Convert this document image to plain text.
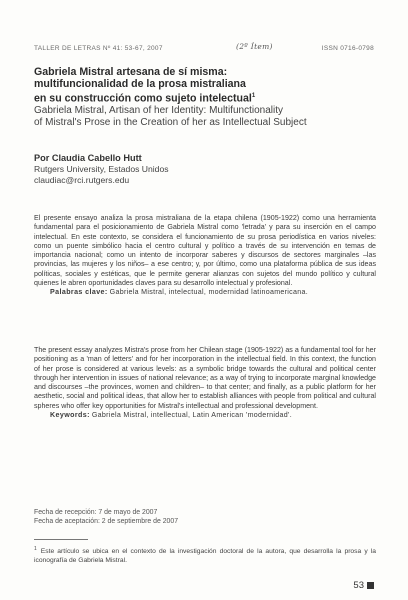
TALLER DE LETRAS Nº 41: 53-67, 2007	(2º Ítem)	ISSN 0716-0798
Gabriela Mistral artesana de sí misma:
multifuncionalidad de la prosa mistraliana
en su construcción como sujeto intelectual$^1$
Gabriela Mistral, Artisan of her Identity: Multifunctionality
of Mistral's Prose in the Creation of her as Intellectual Subject
Por Claudia Cabello Hutt
Rutgers University, Estados Unidos
claudiac@rci.rutgers.edu

El presente ensayo analiza la prosa mistraliana de la etapa chilena (1905-1922) como una herramienta fundamental para el posicionamiento de Gabriela Mistral como 'letrada' y para su inserción en el campo intelectual. En este contexto, se considera el funcionamiento de su prosa periodística en varios niveles: como un puente simbólico hacia el centro cultural y político a través de su intervención en temas de importancia nacional; como un intento de incorporar saberes y discursos de sectores marginales –las provincias, las mujeres y los niños– a ese centro; y, por último, como una plataforma pública de sus ideas políticas, sociales y estéticas, que le permite generar alianzas con sujetos del mundo político y cultural quienes le abren oportunidades claves para su desarrollo intelectual y profesional.

Palabras clave: Gabriela Mistral, intelectual, modernidad latinoamericana.

The present essay analyzes Mistra's prose from her Chilean stage (1905-1922) as a fundamental tool for her positioning as a 'man of letters' and for her incorporation in the intellectual field. In this context, the function of her prose is considered at various levels: as a symbolic bridge towards the cultural and political center through her intervention in issues of national relevance; as a way of trying to incorporate marginal knowledge and discourses –the provinces, women and children– to that center; and finally, as a public platform for her aesthetic, social and political ideas, that allow her to establish alliances with people from political and cultural spheres who offer key opportunities for Mistral's intellectual and professional development.

Keywords: Gabriela Mistral, intellectual, Latin American 'modernidad'.

Fecha de recepción: 7 de mayo de 2007
Fecha de aceptación: 2 de septiembre de 2007
$^1$ Este artículo se ubica en el contexto de la investigación doctoral de la autora, que desarrolla la prosa y la iconografía de Gabriela Mistral.
53
